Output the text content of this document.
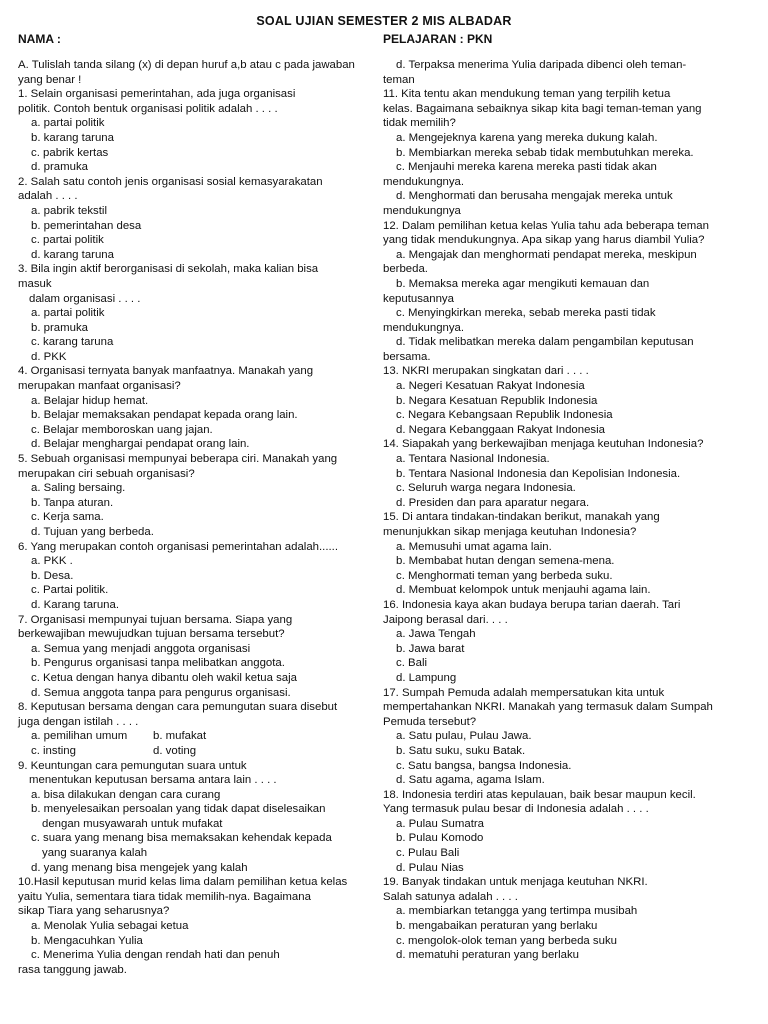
SOAL UJIAN SEMESTER 2 MIS ALBADAR
NAMA :	PELAJARAN : PKN
A. Tulislah tanda silang (x) di depan huruf a,b atau c pada jawaban
yang benar !
1. Selain organisasi pemerintahan, ada juga organisasi
politik. Contoh bentuk organisasi politik adalah . . . .
a. partai politik
b. karang taruna
c. pabrik kertas
d. pramuka
2. Salah satu contoh jenis organisasi sosial kemasyarakatan
adalah . . . .
a. pabrik tekstil
b. pemerintahan desa
c. partai politik
d. karang taruna
3. Bila ingin aktif berorganisasi di sekolah, maka kalian bisa
masuk
dalam organisasi . . . .
a. partai politik
b. pramuka
c. karang taruna
d. PKK
4. Organisasi ternyata banyak manfaatnya. Manakah yang
merupakan manfaat organisasi?
a. Belajar hidup hemat.
b. Belajar memaksakan pendapat kepada orang lain.
c. Belajar memboroskan uang jajan.
d. Belajar menghargai pendapat orang lain.
5. Sebuah organisasi mempunyai beberapa ciri. Manakah yang
merupakan ciri sebuah organisasi?
a. Saling bersaing.
b. Tanpa aturan.
c. Kerja sama.
d. Tujuan yang berbeda.
6. Yang merupakan contoh organisasi pemerintahan adalah......
a. PKK .
b. Desa.
c. Partai politik.
d. Karang taruna.
7. Organisasi mempunyai tujuan bersama. Siapa yang
berkewajiban mewujudkan tujuan bersama tersebut?
a. Semua yang menjadi anggota organisasi
b. Pengurus organisasi tanpa melibatkan anggota.
c. Ketua dengan hanya dibantu oleh wakil ketua saja
d. Semua anggota tanpa para pengurus organisasi.
8. Keputusan bersama dengan cara pemungutan suara disebut
juga dengan istilah . . . .
a. pemilihan umum	b. mufakat
c. insting	d. voting
9. Keuntungan cara pemungutan suara untuk
menentukan keputusan bersama antara lain . . . .
a. bisa dilakukan dengan cara curang
b. menyelesaikan persoalan yang tidak dapat diselesaikan
dengan musyawarah untuk mufakat
c. suara yang menang bisa memaksakan kehendak kepada
yang suaranya kalah
d. yang menang bisa mengejek yang kalah
10.Hasil keputusan murid kelas lima dalam pemilihan ketua kelas
yaitu Yulia, sementara tiara tidak memilih-nya. Bagaimana
sikap Tiara yang seharusnya?
a. Menolak Yulia sebagai ketua
b. Mengacuhkan Yulia
c. Menerima Yulia dengan rendah hati dan penuh
rasa tanggung jawab.
d. Terpaksa menerima Yulia daripada dibenci oleh teman-
teman
11. Kita tentu akan mendukung teman yang terpilih ketua
kelas. Bagaimana sebaiknya sikap kita bagi teman-teman yang
tidak memilih?
a. Mengejeknya karena yang mereka dukung kalah.
b. Membiarkan mereka sebab tidak membutuhkan mereka.
c. Menjauhi mereka karena mereka pasti tidak akan
mendukungnya.
d. Menghormati dan berusaha mengajak mereka untuk
mendukungnya
12. Dalam pemilihan ketua kelas Yulia tahu ada beberapa teman
yang tidak mendukungnya. Apa sikap yang harus diambil Yulia?
a. Mengajak dan menghormati pendapat mereka, meskipun
berbeda.
b. Memaksa mereka agar mengikuti kemauan dan
keputusannya
c. Menyingkirkan mereka, sebab mereka pasti tidak
mendukungnya.
d. Tidak melibatkan mereka dalam pengambilan keputusan
bersama.
13. NKRI merupakan singkatan dari . . . .
a. Negeri Kesatuan Rakyat Indonesia
b. Negara Kesatuan Republik Indonesia
c. Negara Kebangsaan Republik Indonesia
d. Negara Kebanggaan Rakyat Indonesia
14. Siapakah yang berkewajiban menjaga keutuhan Indonesia?
a. Tentara Nasional Indonesia.
b. Tentara Nasional Indonesia dan Kepolisian Indonesia.
c. Seluruh warga negara Indonesia.
d. Presiden dan para aparatur negara.
15. Di antara tindakan-tindakan berikut, manakah yang
menunjukkan sikap menjaga keutuhan Indonesia?
a. Memusuhi umat agama lain.
b. Membabat hutan dengan semena-mena.
c. Menghormati teman yang berbeda suku.
d. Membuat kelompok untuk menjauhi agama lain.
16. Indonesia kaya akan budaya berupa tarian daerah. Tari
Jaipong berasal dari. . . .
a. Jawa Tengah
b. Jawa barat
c. Bali
d. Lampung
17. Sumpah Pemuda adalah mempersatukan kita untuk
mempertahankan NKRI. Manakah yang termasuk dalam Sumpah
Pemuda tersebut?
a. Satu pulau, Pulau Jawa.
b. Satu suku, suku Batak.
c. Satu bangsa, bangsa Indonesia.
d. Satu agama, agama Islam.
18. Indonesia terdiri atas kepulauan, baik besar maupun kecil.
Yang termasuk pulau besar di Indonesia adalah . . . .
a. Pulau Sumatra
b. Pulau Komodo
c. Pulau Bali
d. Pulau Nias
19. Banyak tindakan untuk menjaga keutuhan NKRI.
Salah satunya adalah . . . .
a. membiarkan tetangga yang tertimpa musibah
b. mengabaikan peraturan yang berlaku
c. mengolok-olok teman yang berbeda suku
d. mematuhi peraturan yang berlaku
